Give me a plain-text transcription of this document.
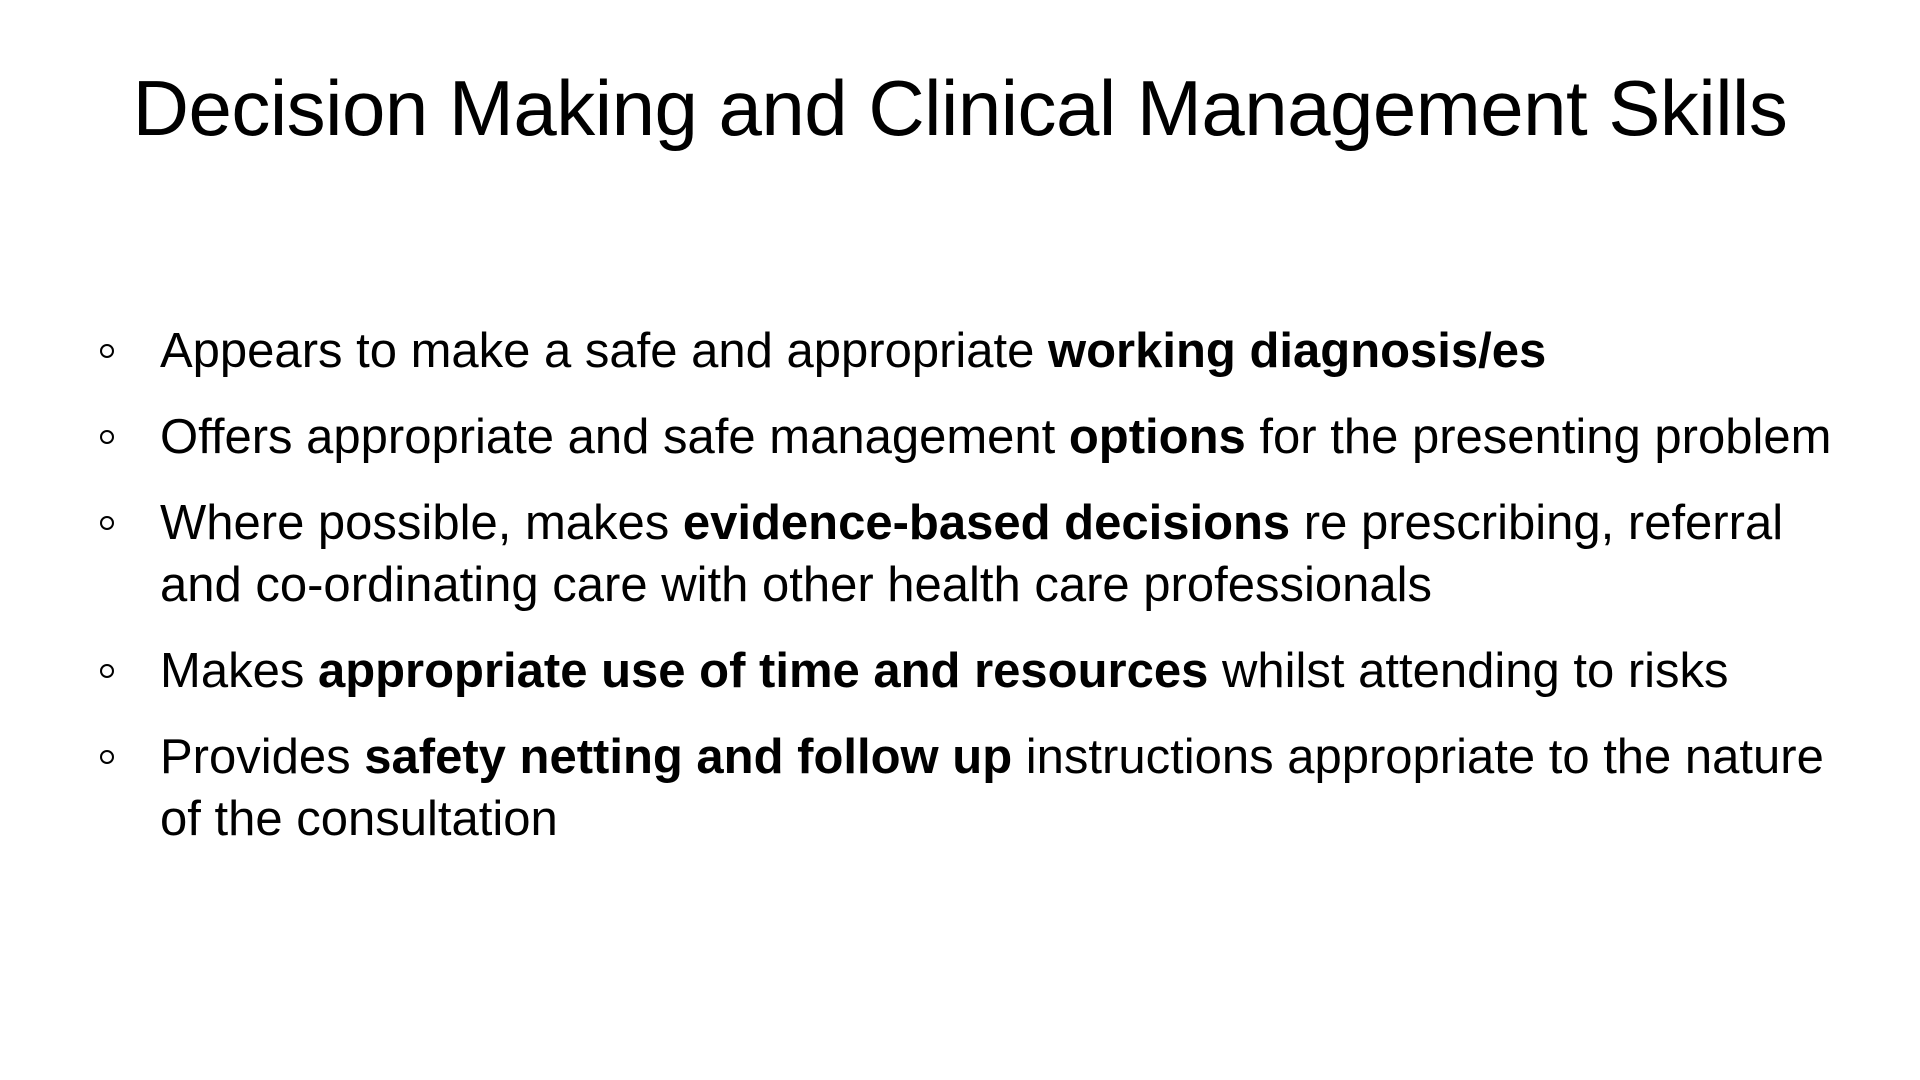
Decision Making and Clinical Management Skills
Appears to make a safe and appropriate working diagnosis/es
Offers appropriate and safe management options for the presenting problem
Where possible, makes evidence-based decisions re prescribing, referral and co-ordinating care with other health care professionals
Makes appropriate use of time and resources whilst attending to risks
Provides safety netting and follow up instructions appropriate to the nature of the consultation
